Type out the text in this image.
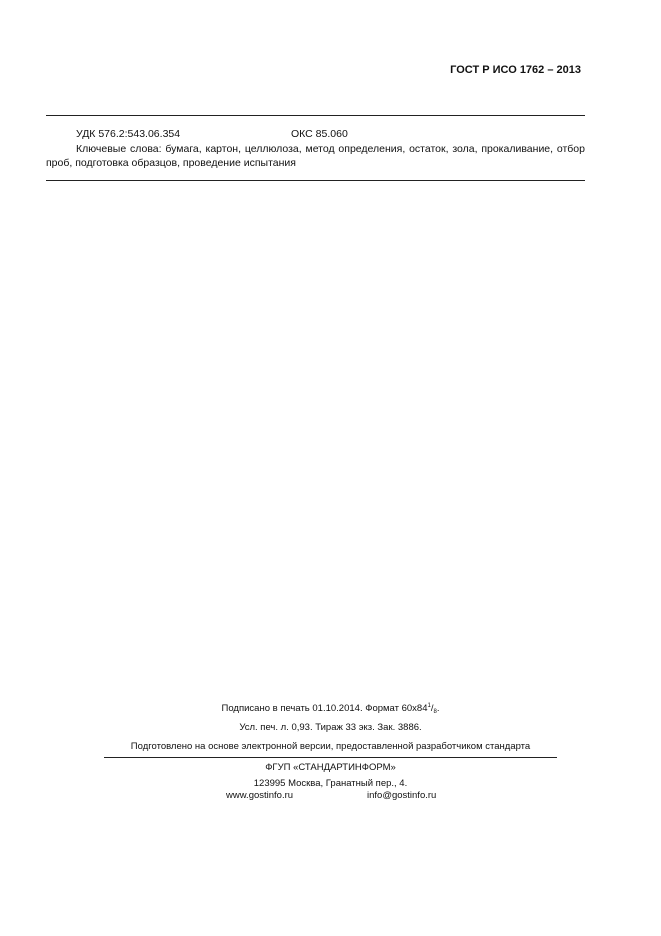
ГОСТ Р ИСО 1762 – 2013
УДК 576.2:543.06.354	ОКС 85.060
Ключевые слова: бумага, картон, целлюлоза, метод определения, остаток, зола, прокаливание, отбор проб, подготовка образцов, проведение испытания
Подписано в печать 01.10.2014. Формат $60x84^1/_8$.
Усл. печ. л. 0,93. Тираж 33 экз. Зак. 3886.
Подготовлено на основе электронной версии, предоставленной разработчиком стандарта
ФГУП «СТАНДАРТИНФОРМ»
123995 Москва, Гранатный пер., 4.
www.gostinfo.ru	info@gostinfo.ru
